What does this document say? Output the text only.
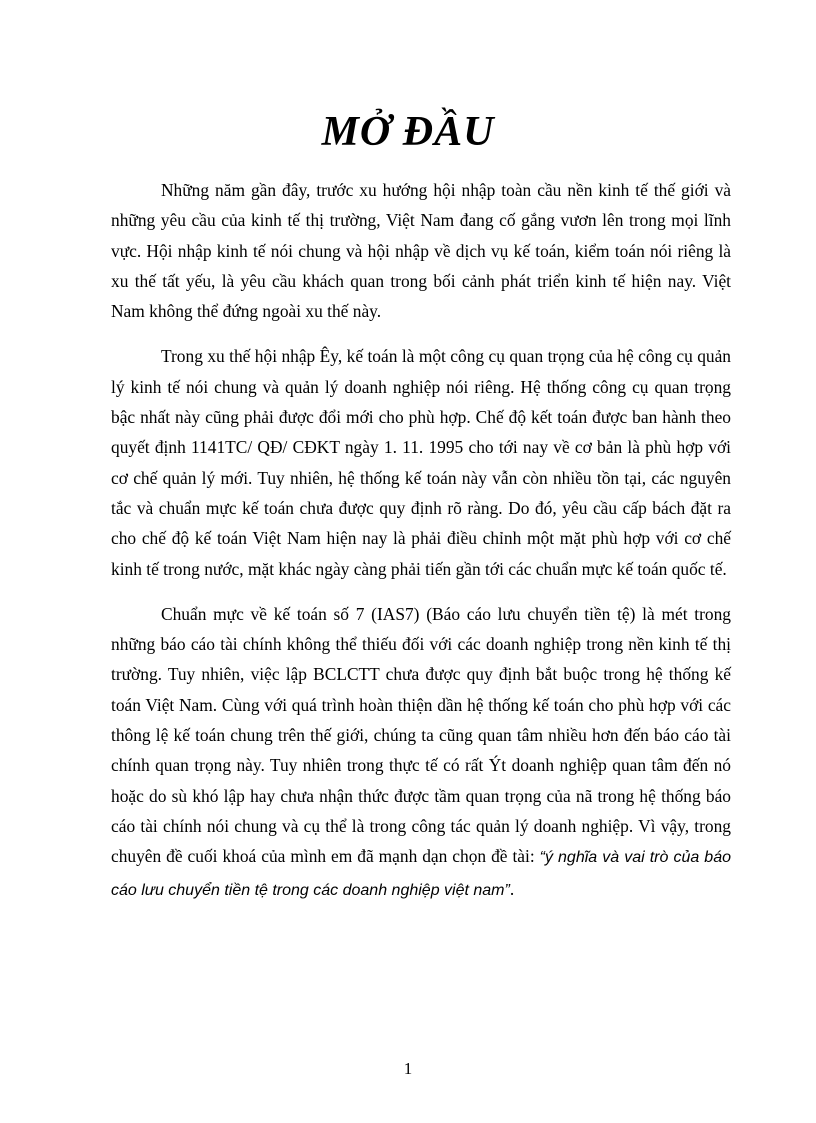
MỞ ĐẦU

Những năm gần đây, trước xu hướng hội nhập toàn cầu nền kinh tế thế giới và những yêu cầu của kinh tế thị trường, Việt Nam đang cố gắng vươn lên trong mọi lĩnh vực. Hội nhập kinh tế nói chung và hội nhập về dịch vụ kế toán, kiểm toán nói riêng là xu thế tất yếu, là yêu cầu khách quan trong bối cảnh phát triển kinh tế hiện nay. Việt Nam không thể đứng ngoài xu thế này.

Trong xu thế hội nhập Êy, kế toán là một công cụ quan trọng của hệ công cụ quản lý kinh tế nói chung và quản lý doanh nghiệp nói riêng. Hệ thống công cụ quan trọng bậc nhất này cũng phải được đổi mới cho phù hợp. Chế độ kết toán được ban hành theo quyết định 1141TC/ QĐ/ CĐKT ngày 1. 11. 1995 cho tới nay về cơ bản là phù hợp với cơ chế quản lý mới. Tuy nhiên, hệ thống kế toán này vẫn còn nhiều tồn tại, các nguyên tắc và chuẩn mực kế toán chưa được quy định rõ ràng. Do đó, yêu cầu cấp bách đặt ra cho chế độ kế toán Việt Nam hiện nay là phải điều chỉnh một mặt phù hợp với cơ chế kinh tế trong nước, mặt khác ngày càng phải tiến gần tới các chuẩn mực kế toán quốc tế.

Chuẩn mực về kế toán số 7 (IAS7) (Báo cáo lưu chuyển tiền tệ) là mét trong những báo cáo tài chính không thể thiếu đối với các doanh nghiệp trong nền kinh tế thị trường. Tuy nhiên, việc lập BCLCTT chưa được quy định bắt buộc trong hệ thống kế toán Việt Nam. Cùng với quá trình hoàn thiện dần hệ thống kế toán cho phù hợp với các thông lệ kế toán chung trên thế giới, chúng ta cũng quan tâm nhiều hơn đến báo cáo tài chính quan trọng này. Tuy nhiên trong thực tế có rất Ýt doanh nghiệp quan tâm đến nó hoặc do sù khó lập hay chưa nhận thức được tầm quan trọng của nã trong hệ thống báo cáo tài chính nói chung và cụ thể là trong công tác quản lý doanh nghiệp. Vì vậy, trong chuyên đề cuối khoá của mình em đã mạnh dạn chọn đề tài: “ý nghĩa và vai trò của báo cáo lưu chuyển tiền tệ trong các doanh nghiệp việt nam”.

1
